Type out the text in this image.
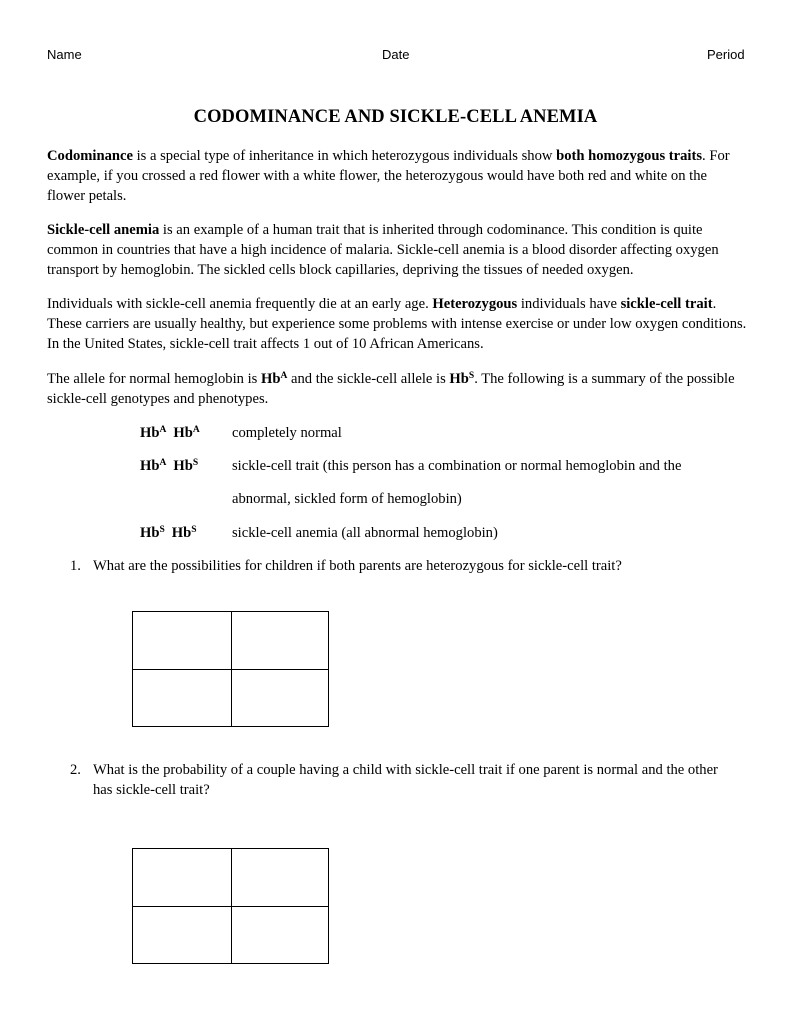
Name	Date	Period
CODOMINANCE AND SICKLE-CELL ANEMIA
Codominance is a special type of inheritance in which heterozygous individuals show both homozygous traits. For example, if you crossed a red flower with a white flower, the heterozygous would have both red and white on the flower petals.
Sickle-cell anemia is an example of a human trait that is inherited through codominance. This condition is quite common in countries that have a high incidence of malaria. Sickle-cell anemia is a blood disorder affecting oxygen transport by hemoglobin. The sickled cells block capillaries, depriving the tissues of needed oxygen.
Individuals with sickle-cell anemia frequently die at an early age. Heterozygous individuals have sickle-cell trait. These carriers are usually healthy, but experience some problems with intense exercise or under low oxygen conditions. In the United States, sickle-cell trait affects 1 out of 10 African Americans.
The allele for normal hemoglobin is $Hb^A$ and the sickle-cell allele is $Hb^S$. The following is a summary of the possible sickle-cell genotypes and phenotypes.
$Hb^A$ $Hb^A$	completely normal
$Hb^A$ $Hb^S$	sickle-cell trait (this person has a combination or normal hemoglobin and the
abnormal, sickled form of hemoglobin)
$Hb^S$ $Hb^S$	sickle-cell anemia (all abnormal hemoglobin)
1. What are the possibilities for children if both parents are heterozygous for sickle-cell trait?
2. What is the probability of a couple having a child with sickle-cell trait if one parent is normal and the other has sickle-cell trait?
